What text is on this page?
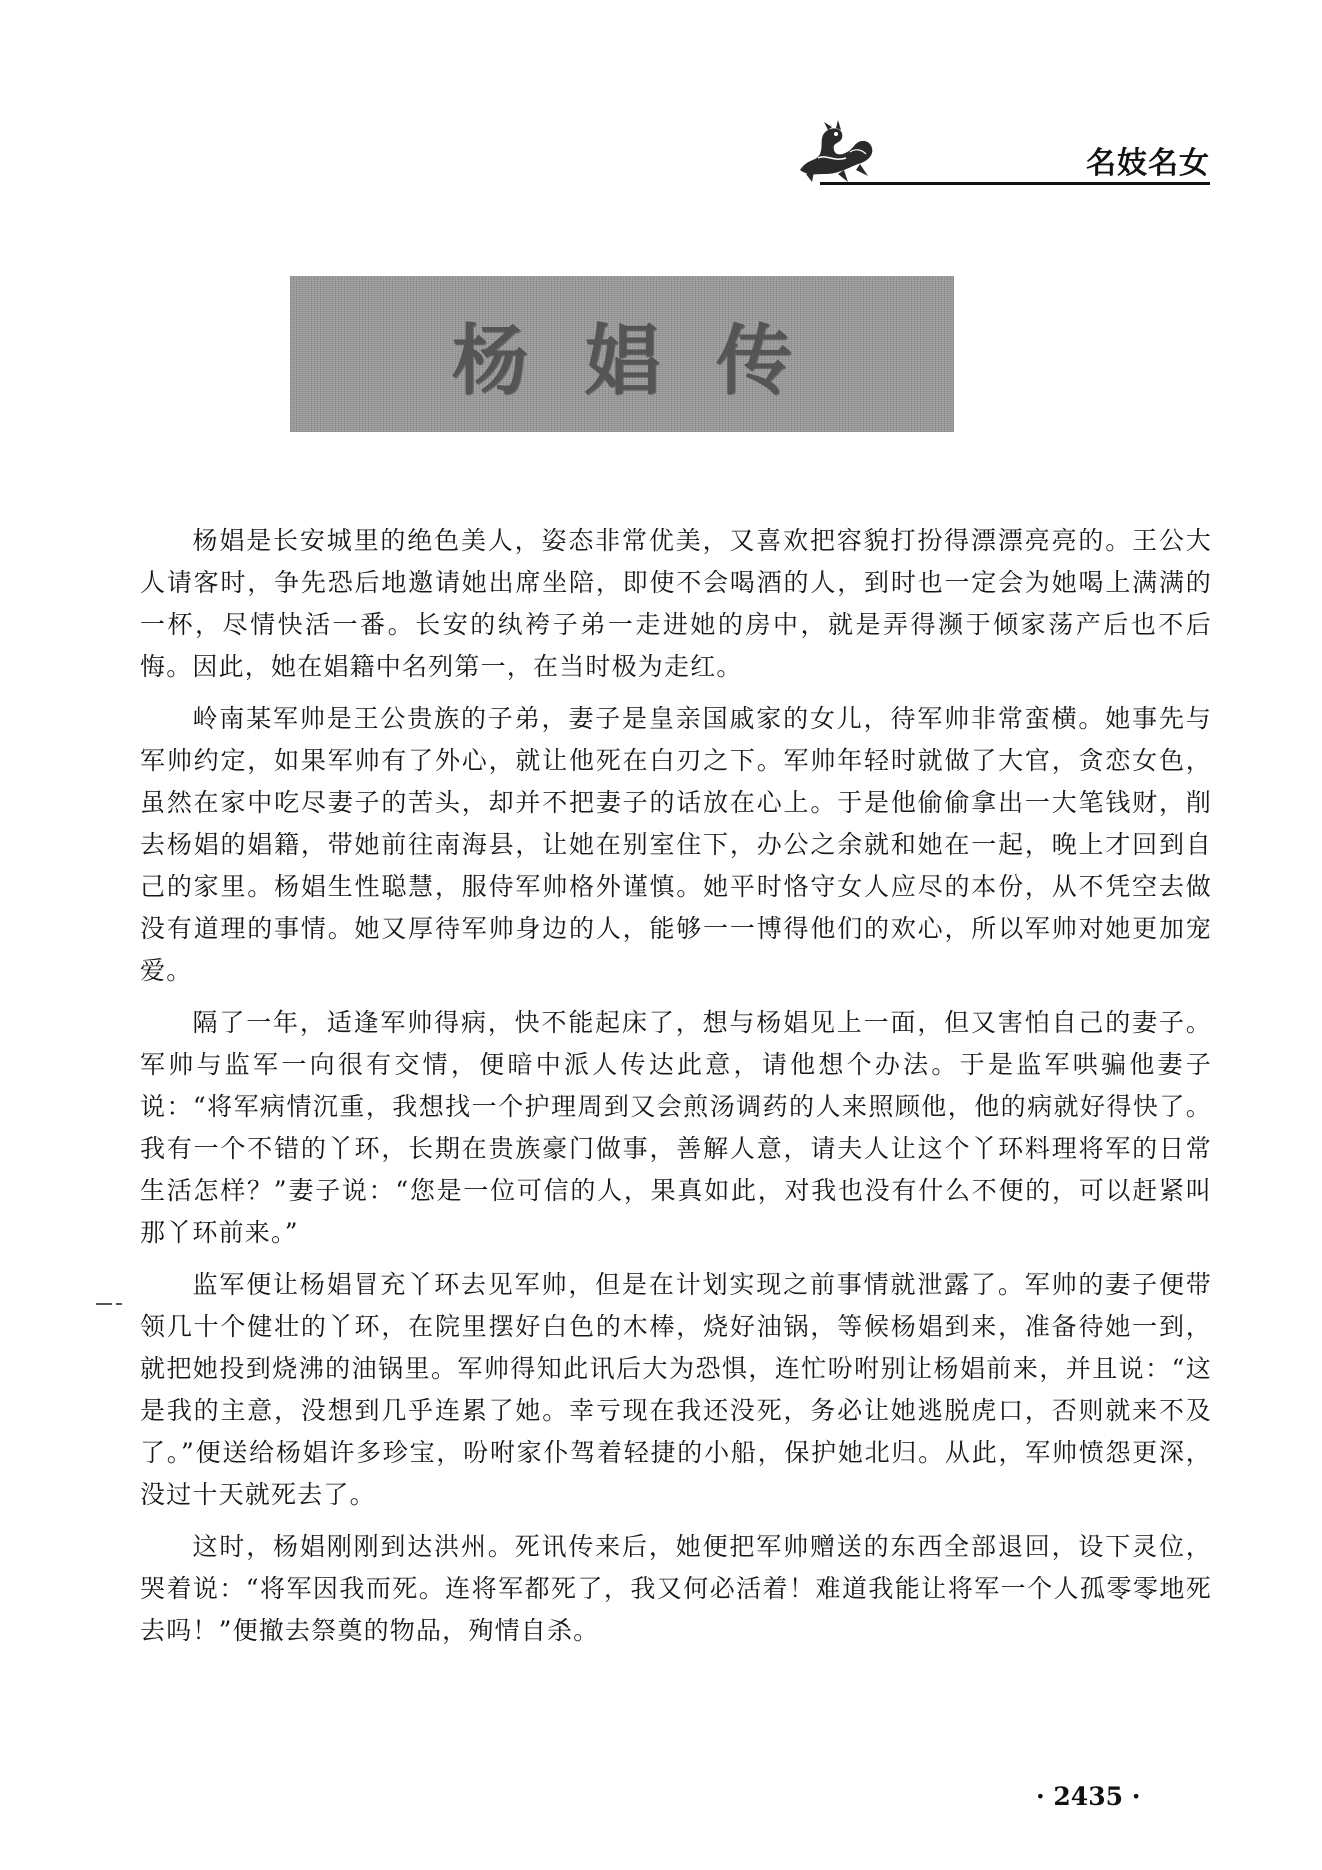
名妓名女
杨娼传

杨娼是长安城里的绝色美人，姿态非常优美，又喜欢把容貌打扮得漂漂亮亮的。王公大人请客时，争先恐后地邀请她出席坐陪，即使不会喝酒的人，到时也一定会为她喝上满满的一杯，尽情快活一番。长安的纨袴子弟一走进她的房中，就是弄得濒于倾家荡产后也不后悔。因此，她在娼籍中名列第一，在当时极为走红。

岭南某军帅是王公贵族的子弟，妻子是皇亲国戚家的女儿，待军帅非常蛮横。她事先与军帅约定，如果军帅有了外心，就让他死在白刃之下。军帅年轻时就做了大官，贪恋女色，虽然在家中吃尽妻子的苦头，却并不把妻子的话放在心上。于是他偷偷拿出一大笔钱财，削去杨娼的娼籍，带她前往南海县，让她在别室住下，办公之余就和她在一起，晚上才回到自己的家里。杨娼生性聪慧，服侍军帅格外谨慎。她平时恪守女人应尽的本份，从不凭空去做没有道理的事情。她又厚待军帅身边的人，能够一一博得他们的欢心，所以军帅对她更加宠爱。

隔了一年，适逢军帅得病，快不能起床了，想与杨娼见上一面，但又害怕自己的妻子。军帅与监军一向很有交情，便暗中派人传达此意，请他想个办法。于是监军哄骗他妻子说：“将军病情沉重，我想找一个护理周到又会煎汤调药的人来照顾他，他的病就好得快了。我有一个不错的丫环，长期在贵族豪门做事，善解人意，请夫人让这个丫环料理将军的日常生活怎样？”妻子说：“您是一位可信的人，果真如此，对我也没有什么不便的，可以赶紧叫那丫环前来。”

监军便让杨娼冒充丫环去见军帅，但是在计划实现之前事情就泄露了。军帅的妻子便带领几十个健壮的丫环，在院里摆好白色的木棒，烧好油锅，等候杨娼到来，准备待她一到，就把她投到烧沸的油锅里。军帅得知此讯后大为恐惧，连忙吩咐别让杨娼前来，并且说：“这是我的主意，没想到几乎连累了她。幸亏现在我还没死，务必让她逃脱虎口，否则就来不及了。”便送给杨娼许多珍宝，吩咐家仆驾着轻捷的小船，保护她北归。从此，军帅愤怨更深，没过十天就死去了。

这时，杨娼刚刚到达洪州。死讯传来后，她便把军帅赠送的东西全部退回，设下灵位，哭着说：“将军因我而死。连将军都死了，我又何必活着！难道我能让将军一个人孤零零地死去吗！”便撤去祭奠的物品，殉情自杀。

· 2435 ·
